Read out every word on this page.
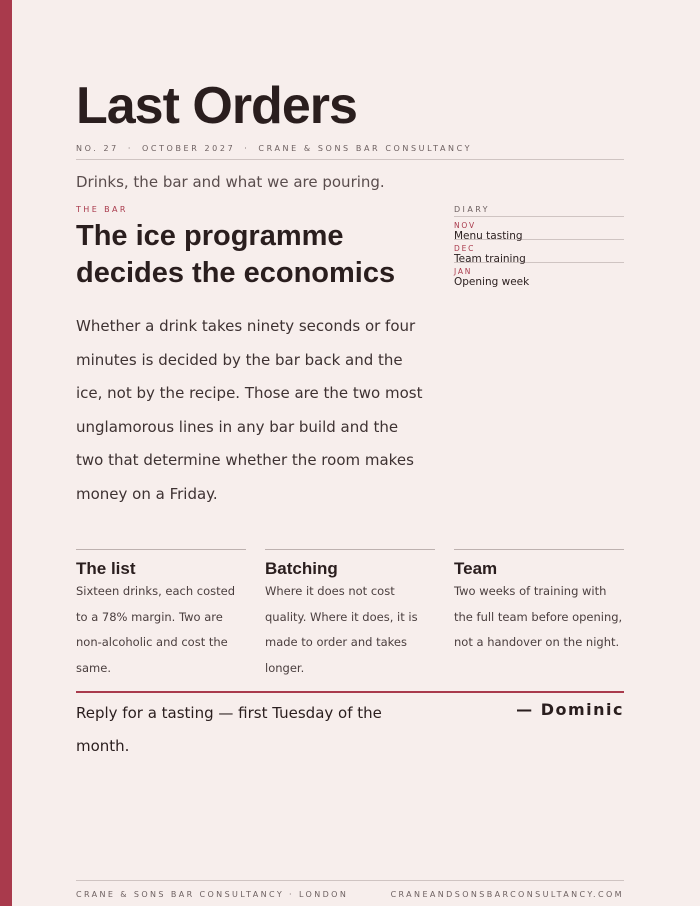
Last Orders
NO. 27 · OCTOBER 2027 · CRANE & SONS BAR CONSULTANCY
Drinks, the bar and what we are pouring.
THE BAR
The ice programme decides the economics

Whether a drink takes ninety seconds or four minutes is decided by the bar back and the ice, not by the recipe. Those are the two most unglamorous lines in any bar build and the two that determine whether the room makes money on a Friday.

DIARY
NOV
Menu tasting
DEC
Team training
JAN
Opening week
The list

Sixteen drinks, each costed to a 78% margin. Two are non-alcoholic and cost the same.

Batching

Where it does not cost quality. Where it does, it is made to order and takes longer.

Team

Two weeks of training with the full team before opening, not a handover on the night.

Reply for a tasting — first Tuesday of the month.

— Dominic
CRANE & SONS BAR CONSULTANCY · LONDON	CRANEANDSONSBARCONSULTANCY.COM
